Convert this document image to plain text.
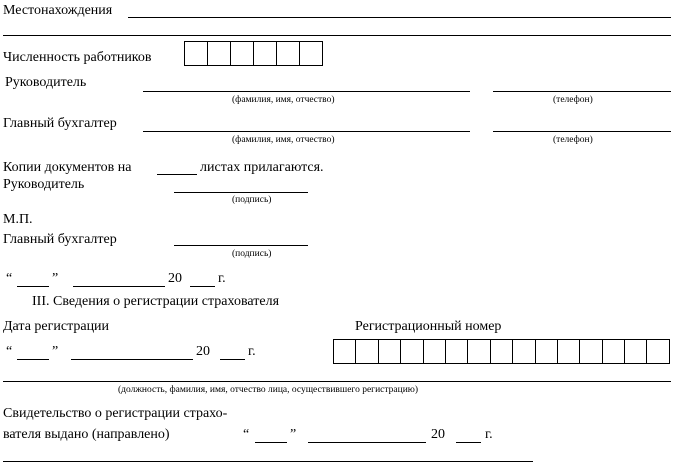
Местонахождения
Численность работников
Руководитель
(фамилия, имя, отчество)	(телефон)
Главный бухгалтер
(фамилия, имя, отчество)	(телефон)
Копии документов на	листах прилагаются.
Руководитель
(подпись)
М.П.
Главный бухгалтер
(подпись)
“	”	20	г.
III. Сведения о регистрации страхователя
Дата регистрации	Регистрационный номер
“	”	20	г.
(должность, фамилия, имя, отчество лица, осуществившего регистрацию)
Свидетельство о регистрации страхо-
вателя выдано (направлено)	“	”	20	г.
